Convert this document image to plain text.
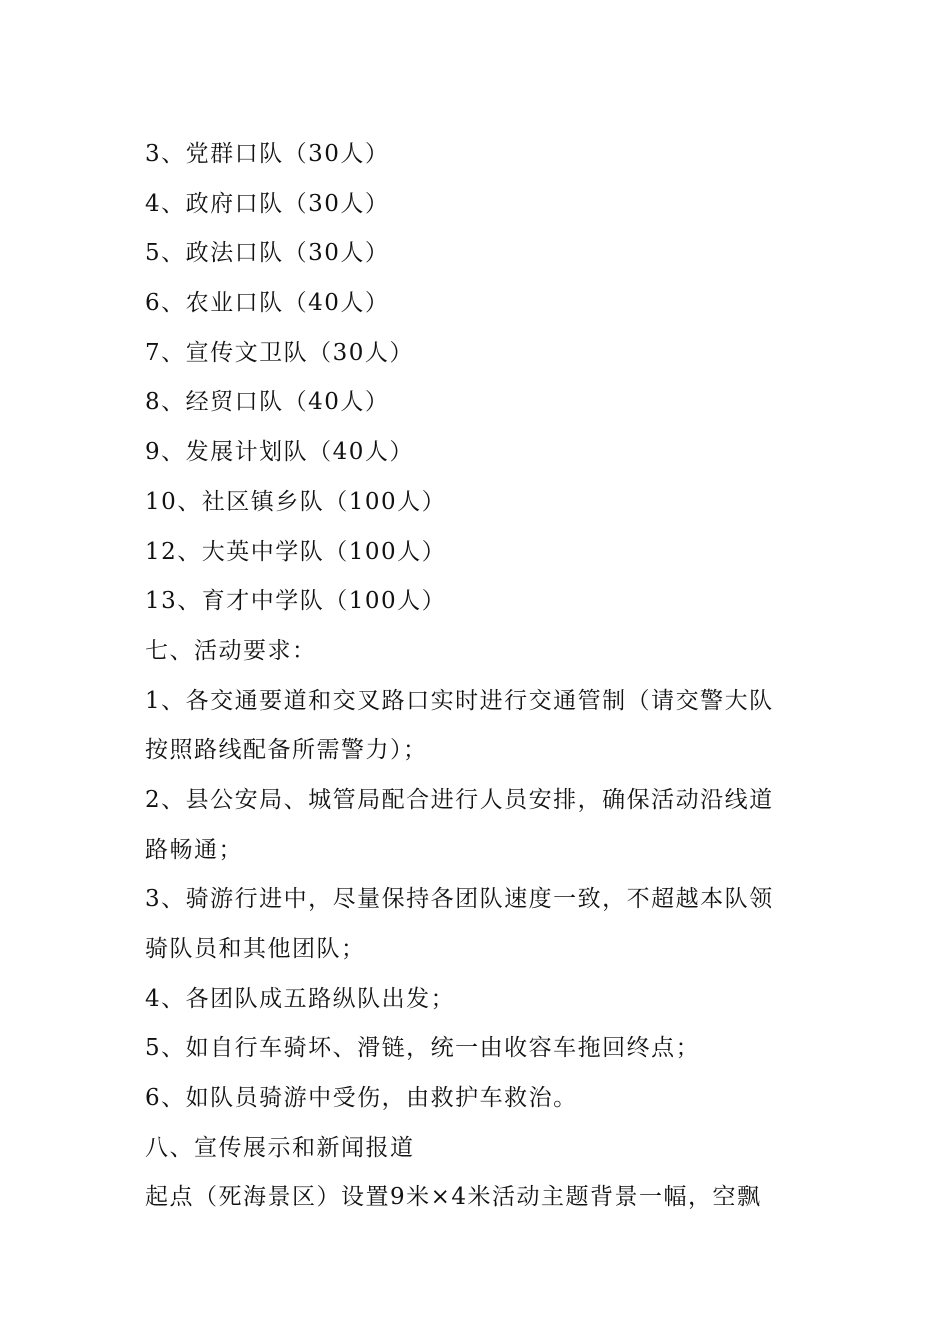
3、党群口队（30人）
4、政府口队（30人）
5、政法口队（30人）
6、农业口队（40人）
7、宣传文卫队（30人）
8、经贸口队（40人）
9、发展计划队（40人）
10、社区镇乡队（100人）
12、大英中学队（100人）
13、育才中学队（100人）
七、活动要求：
1、各交通要道和交叉路口实时进行交通管制（请交警大队
按照路线配备所需警力）；
2、县公安局、城管局配合进行人员安排，确保活动沿线道
路畅通；
3、骑游行进中，尽量保持各团队速度一致，不超越本队领
骑队员和其他团队；
4、各团队成五路纵队出发；
5、如自行车骑坏、滑链，统一由收容车拖回终点；
6、如队员骑游中受伤，由救护车救治。
八、宣传展示和新闻报道
起点（死海景区）设置9米×4米活动主题背景一幅，空飘
